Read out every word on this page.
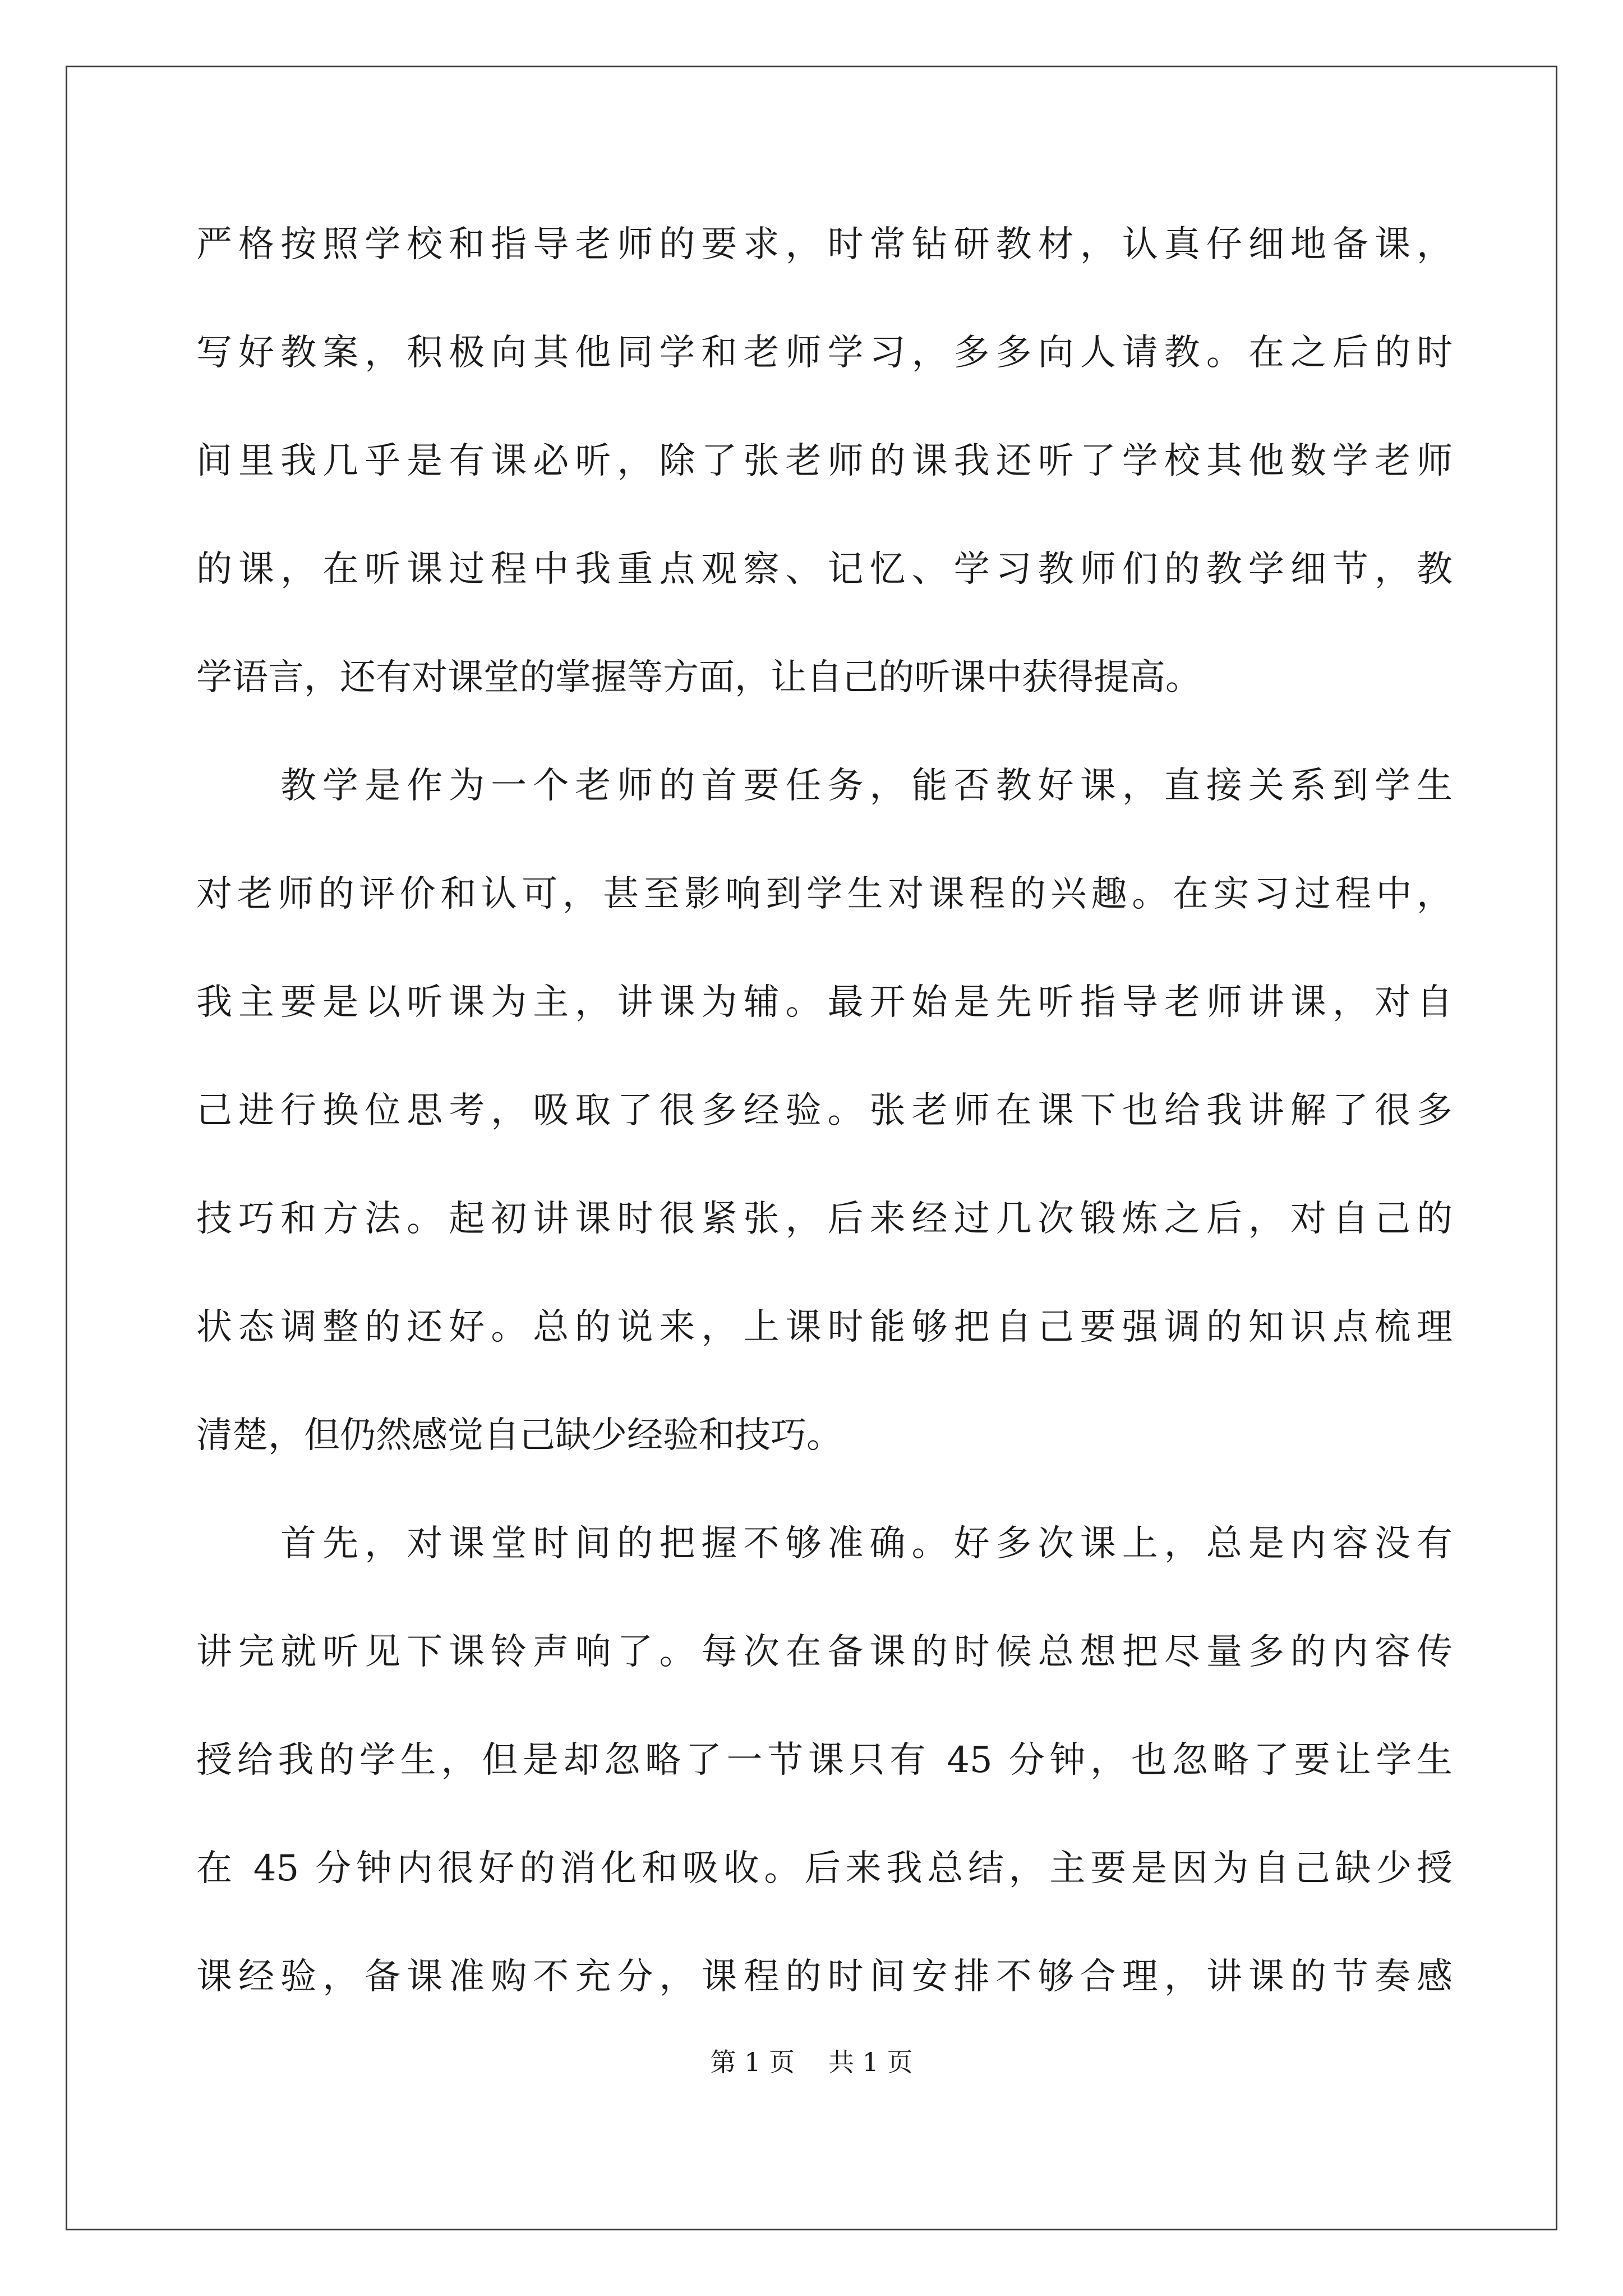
严格按照学校和指导老师的要求，时常钻研教材，认真仔细地备课，
写好教案，积极向其他同学和老师学习，多多向人请教。在之后的时
间里我几乎是有课必听，除了张老师的课我还听了学校其他数学老师
的课，在听课过程中我重点观察、记忆、学习教师们的教学细节，教
学语言，还有对课堂的掌握等方面，让自己的听课中获得提高。
教学是作为一个老师的首要任务，能否教好课，直接关系到学生
对老师的评价和认可，甚至影响到学生对课程的兴趣。在实习过程中，
我主要是以听课为主，讲课为辅。最开始是先听指导老师讲课，对自
己进行换位思考，吸取了很多经验。张老师在课下也给我讲解了很多
技巧和方法。起初讲课时很紧张，后来经过几次锻炼之后，对自己的
状态调整的还好。总的说来，上课时能够把自己要强调的知识点梳理
清楚，但仍然感觉自己缺少经验和技巧。
首先，对课堂时间的把握不够准确。好多次课上，总是内容没有
讲完就听见下课铃声响了。每次在备课的时候总想把尽量多的内容传
授给我的学生，但是却忽略了一节课只有 45 分钟，也忽略了要让学生
在 45 分钟内很好的消化和吸收。后来我总结，主要是因为自己缺少授
课经验，备课准购不充分，课程的时间安排不够合理，讲课的节奏感
第 1 页 共 1 页
